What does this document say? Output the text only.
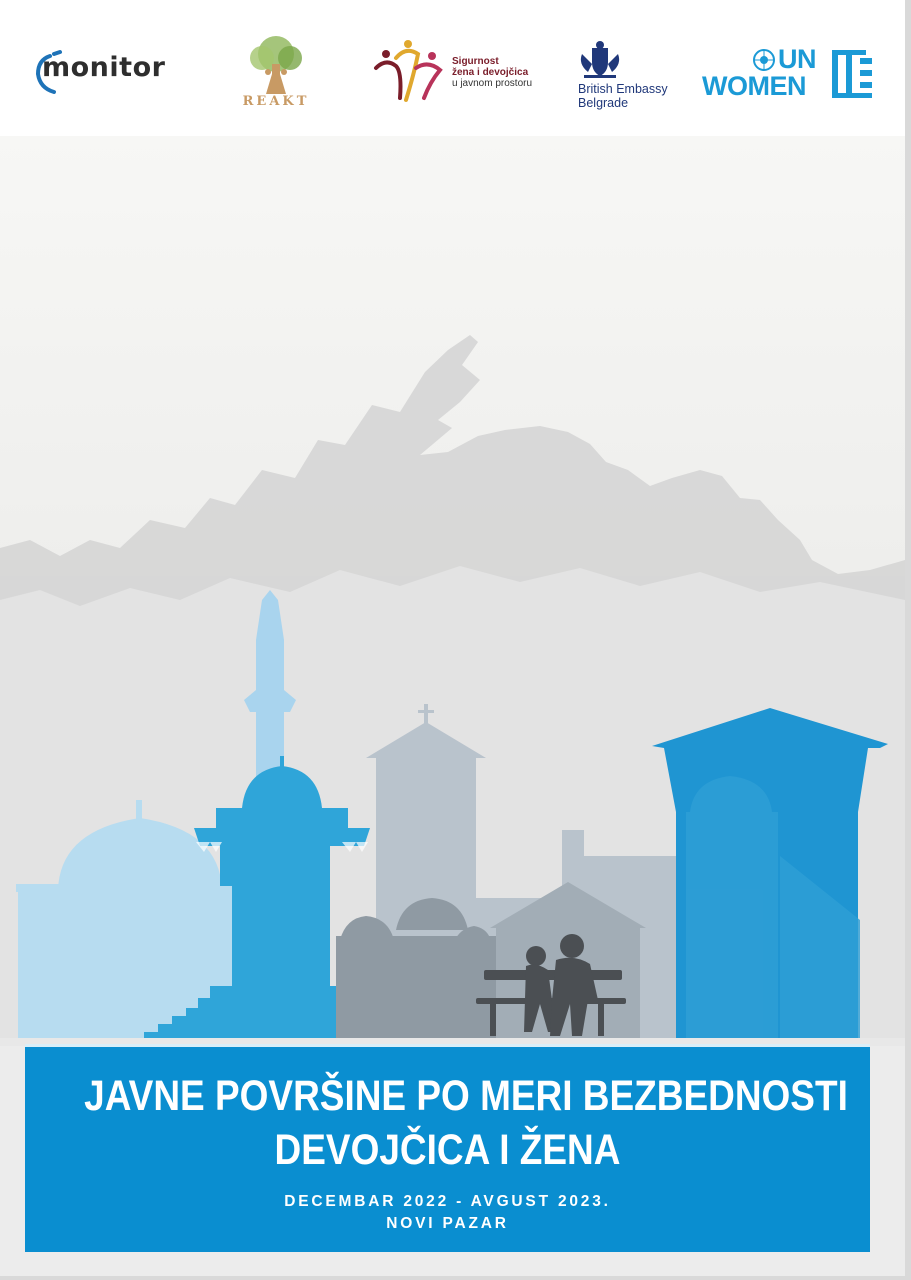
monitor
REAKT
Sigurnost
žena i devojčica
u javnom prostoru	British Embassy
Belgrade
UN
WOMEN
JAVNE POVRŠINE PO MERI BEZBEDNOSTI
DEVOJČICA I ŽENA
DECEMBAR 2022 - AVGUST 2023.
NOVI PAZAR
